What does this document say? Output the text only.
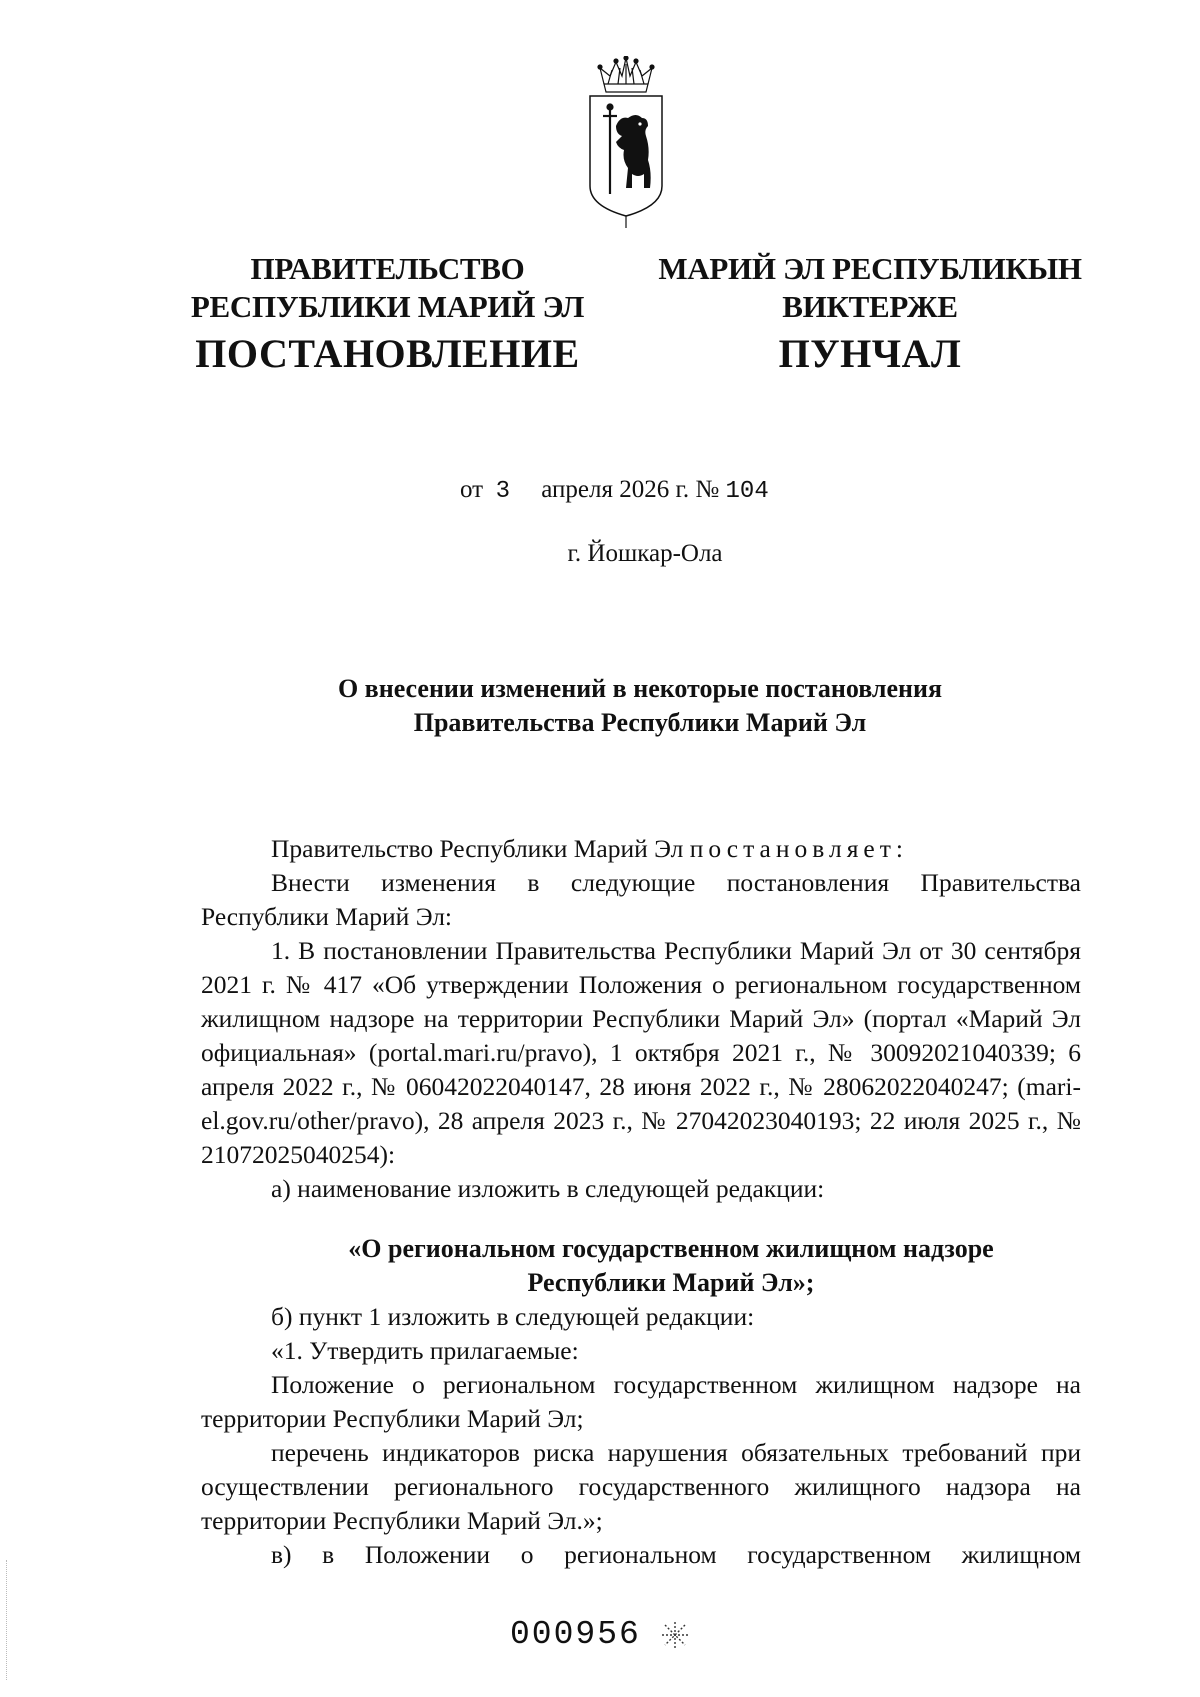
ПРАВИТЕЛЬСТВО
РЕСПУБЛИКИ МАРИЙ ЭЛ
ПОСТАНОВЛЕНИЕ
МАРИЙ ЭЛ РЕСПУБЛИКЫН
ВИКТЕРЖЕ
ПУНЧАЛ
от 3 апреля 2026 г. № 104
г. Йошкар-Ола
О внесении изменений в некоторые постановления
Правительства Республики Марий Эл

Правительство Республики Марий Эл постановляет:

Внести изменения в следующие постановления Правительства Республики Марий Эл:

1. В постановлении Правительства Республики Марий Эл от 30 сентября 2021 г. № 417 «Об утверждении Положения о региональном государственном жилищном надзоре на территории Республики Марий Эл» (портал «Марий Эл официальная» (portal.mari.ru/pravo), 1 октября 2021 г., № 30092021040339; 6 апреля 2022 г., № 06042022040147, 28 июня 2022 г., № 28062022040247; (mari-el.gov.ru/other/pravo), 28 апреля 2023 г., № 27042023040193; 22 июля 2025 г., № 21072025040254):

а) наименование изложить в следующей редакции:

«О региональном государственном жилищном надзоре
Республики Марий Эл»;

б) пункт 1 изложить в следующей редакции:

«1. Утвердить прилагаемые:

Положение о региональном государственном жилищном надзоре на территории Республики Марий Эл;

перечень индикаторов риска нарушения обязательных требований при осуществлении регионального государственного жилищного надзора на территории Республики Марий Эл.»;

в) в Положении о региональном государственном жилищном

000956
